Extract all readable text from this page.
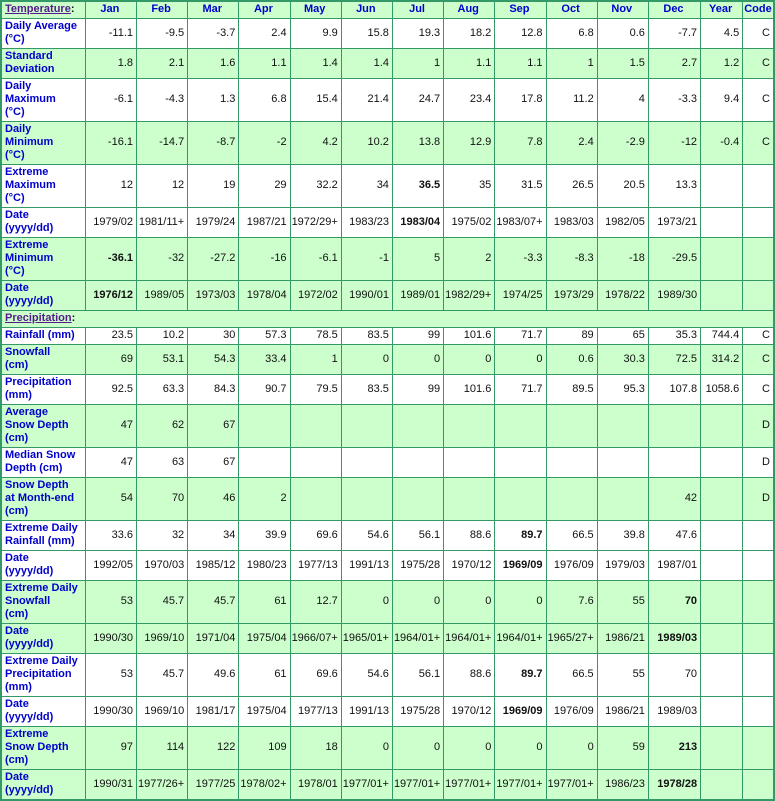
Temperature:	Jan	Feb	Mar	Apr	May	Jun	Jul	Aug	Sep	Oct	Nov	Dec	Year	Code
Daily Average
(°C)	-11.1	-9.5	-3.7	2.4	9.9	15.8	19.3	18.2	12.8	6.8	0.6	-7.7	4.5	C
Standard
Deviation	1.8	2.1	1.6	1.1	1.4	1.4	1	1.1	1.1	1	1.5	2.7	1.2	C
Daily
Maximum
(°C)	-6.1	-4.3	1.3	6.8	15.4	21.4	24.7	23.4	17.8	11.2	4	-3.3	9.4	C
Daily
Minimum
(°C)	-16.1	-14.7	-8.7	-2	4.2	10.2	13.8	12.9	7.8	2.4	-2.9	-12	-0.4	C
Extreme
Maximum
(°C)	12	12	19	29	32.2	34	36.5	35	31.5	26.5	20.5	13.3		
Date
(yyyy/dd)	1979/02	1981/11+	1979/24	1987/21	1972/29+	1983/23	1983/04	1975/02	1983/07+	1983/03	1982/05	1973/21		
Extreme
Minimum
(°C)	-36.1	-32	-27.2	-16	-6.1	-1	5	2	-3.3	-8.3	-18	-29.5		
Date
(yyyy/dd)	1976/12	1989/05	1973/03	1978/04	1972/02	1990/01	1989/01	1982/29+	1974/25	1973/29	1978/22	1989/30		
Precipitation:														
Rainfall (mm)	23.5	10.2	30	57.3	78.5	83.5	99	101.6	71.7	89	65	35.3	744.4	C
Snowfall
(cm)	69	53.1	54.3	33.4	1	0	0	0	0	0.6	30.3	72.5	314.2	C
Precipitation
(mm)	92.5	63.3	84.3	90.7	79.5	83.5	99	101.6	71.7	89.5	95.3	107.8	1058.6	C
Average
Snow Depth
(cm)	47	62	67											D
Median Snow
Depth (cm)	47	63	67											D
Snow Depth
at Month-end
(cm)	54	70	46	2								42		D
Extreme Daily
Rainfall (mm)	33.6	32	34	39.9	69.6	54.6	56.1	88.6	89.7	66.5	39.8	47.6		
Date
(yyyy/dd)	1992/05	1970/03	1985/12	1980/23	1977/13	1991/13	1975/28	1970/12	1969/09	1976/09	1979/03	1987/01		
Extreme Daily
Snowfall
(cm)	53	45.7	45.7	61	12.7	0	0	0	0	7.6	55	70		
Date
(yyyy/dd)	1990/30	1969/10	1971/04	1975/04	1966/07+	1965/01+	1964/01+	1964/01+	1964/01+	1965/27+	1986/21	1989/03		
Extreme Daily
Precipitation
(mm)	53	45.7	49.6	61	69.6	54.6	56.1	88.6	89.7	66.5	55	70		
Date
(yyyy/dd)	1990/30	1969/10	1981/17	1975/04	1977/13	1991/13	1975/28	1970/12	1969/09	1976/09	1986/21	1989/03		
Extreme
Snow Depth
(cm)	97	114	122	109	18	0	0	0	0	0	59	213		
Date
(yyyy/dd)	1990/31	1977/26+	1977/25	1978/02+	1978/01	1977/01+	1977/01+	1977/01+	1977/01+	1977/01+	1986/23	1978/28		
